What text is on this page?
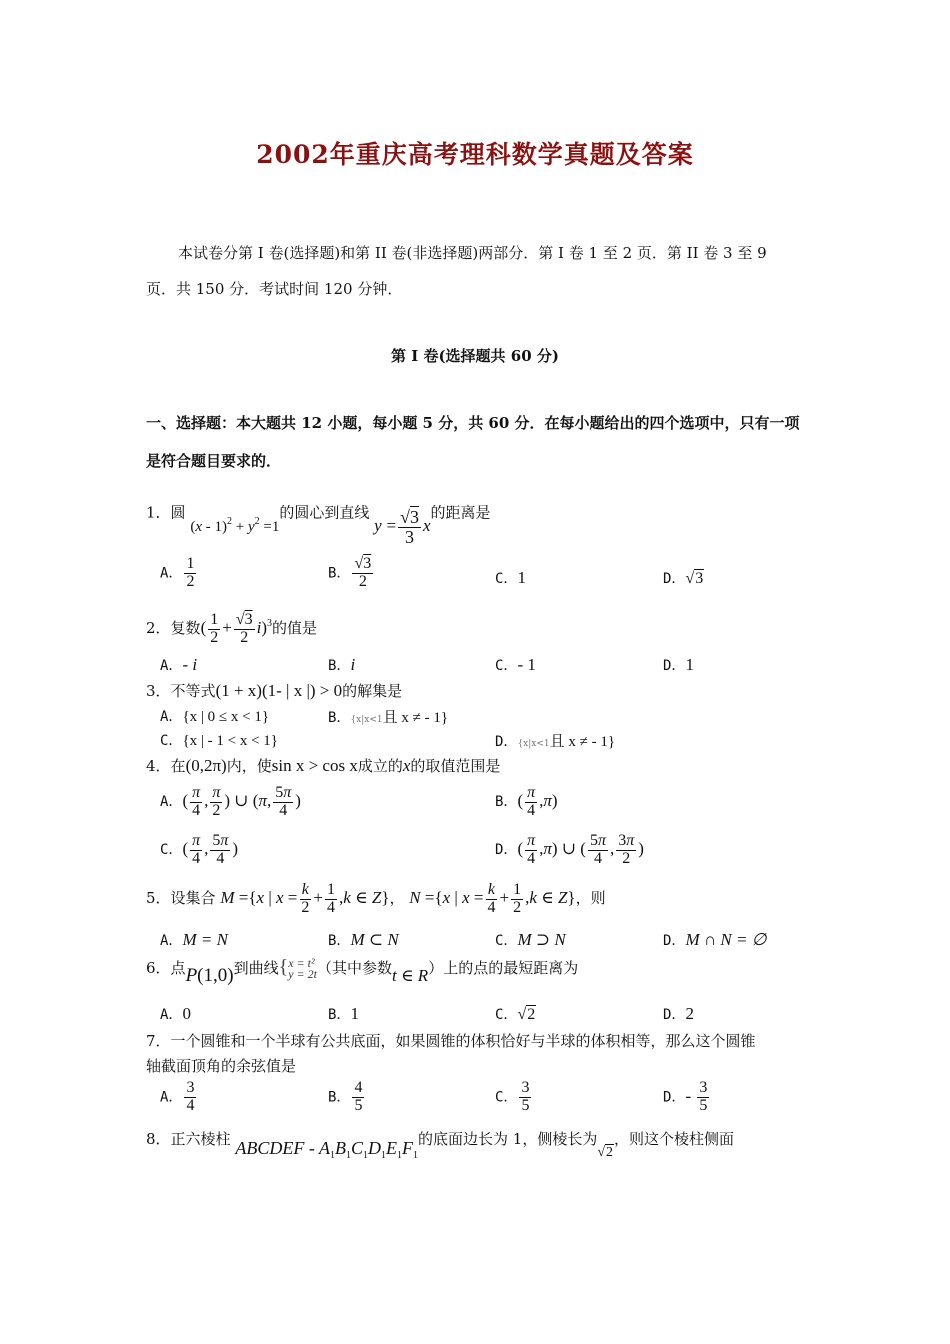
2002年重庆高考理科数学真题及答案
本试卷分第 I 卷(选择题)和第 II 卷(非选择题)两部分．第 I 卷 1 至 2 页．第 II 卷 3 至 9
页．共 150 分．考试时间 120 分钟．
第 I 卷(选择题共 60 分)
一、选择题：本大题共 12 小题，每小题 5 分，共 60 分．在每小题给出的四个选项中，只有一项
是符合题目要求的．
1．圆 $(x - 1)^2 + y^2 =1$的圆心到直线 $y = \frac{√3}{3}$ x的距离是
A． $\frac{1}{2}$	B． $\frac{√3}{2}$	C．1	D．√3
2．复数( $\frac{1}{2} + \frac{√3}{2} i)^3$的值是
A．- i	B．i	C．- 1	D．1
3．不等式(1 + x)(1- | x |) > 0的解集是
A．{x | 0 ≤ x < 1}	B．{x|x<1且 x ≠ - 1}
C．{x | - 1 < x < 1}	D．{x|x<1且 x ≠ - 1}
4．在(0,2π)内，使sin x > cos x成立的x的取值范围是
A．( $\frac{\pi}{4}$ , $\frac{\pi}{2}$ ) ∪ (π, $\frac{5\pi}{4}$ )	B．( $\frac{\pi}{4} ,\pi$)
C．( $\frac{\pi}{4}$ , $\frac{5\pi}{4}$ )	D．( $\frac{\pi}{4} ,\pi$) ∪ ( $\frac{5\pi}{4}$ , $\frac{3\pi}{2}$ )
5．设集合 M ={x | $x = \frac{k}{2} + \frac{1}{4} ,k$ ∈ Z}， N ={x | $x = \frac{k}{4} + \frac{1}{2} ,k$ ∈ Z}，则
A．M = N	B．M ⊂ N	C．M ⊃ N	D．M ∩ N = ∅
6．点P(1,0)到曲线{ x = t²
y = 2t （其中参数t ∈ R）上的点的最短距离为
A．0	B．1	C．√2	D．2
7．一个圆锥和一个半球有公共底面，如果圆锥的体积恰好与半球的体积相等，那么这个圆锥
轴截面顶角的余弦值是
A． $\frac{3}{4}$	B． $\frac{4}{5}$	C． $\frac{3}{5}$	D．- $\frac{3}{5}$
8．正六棱柱 ABCDEF - $A_1B_1C_1D_1E_1F_1$的底面边长为 1，侧棱长为√2，则这个棱柱侧面
